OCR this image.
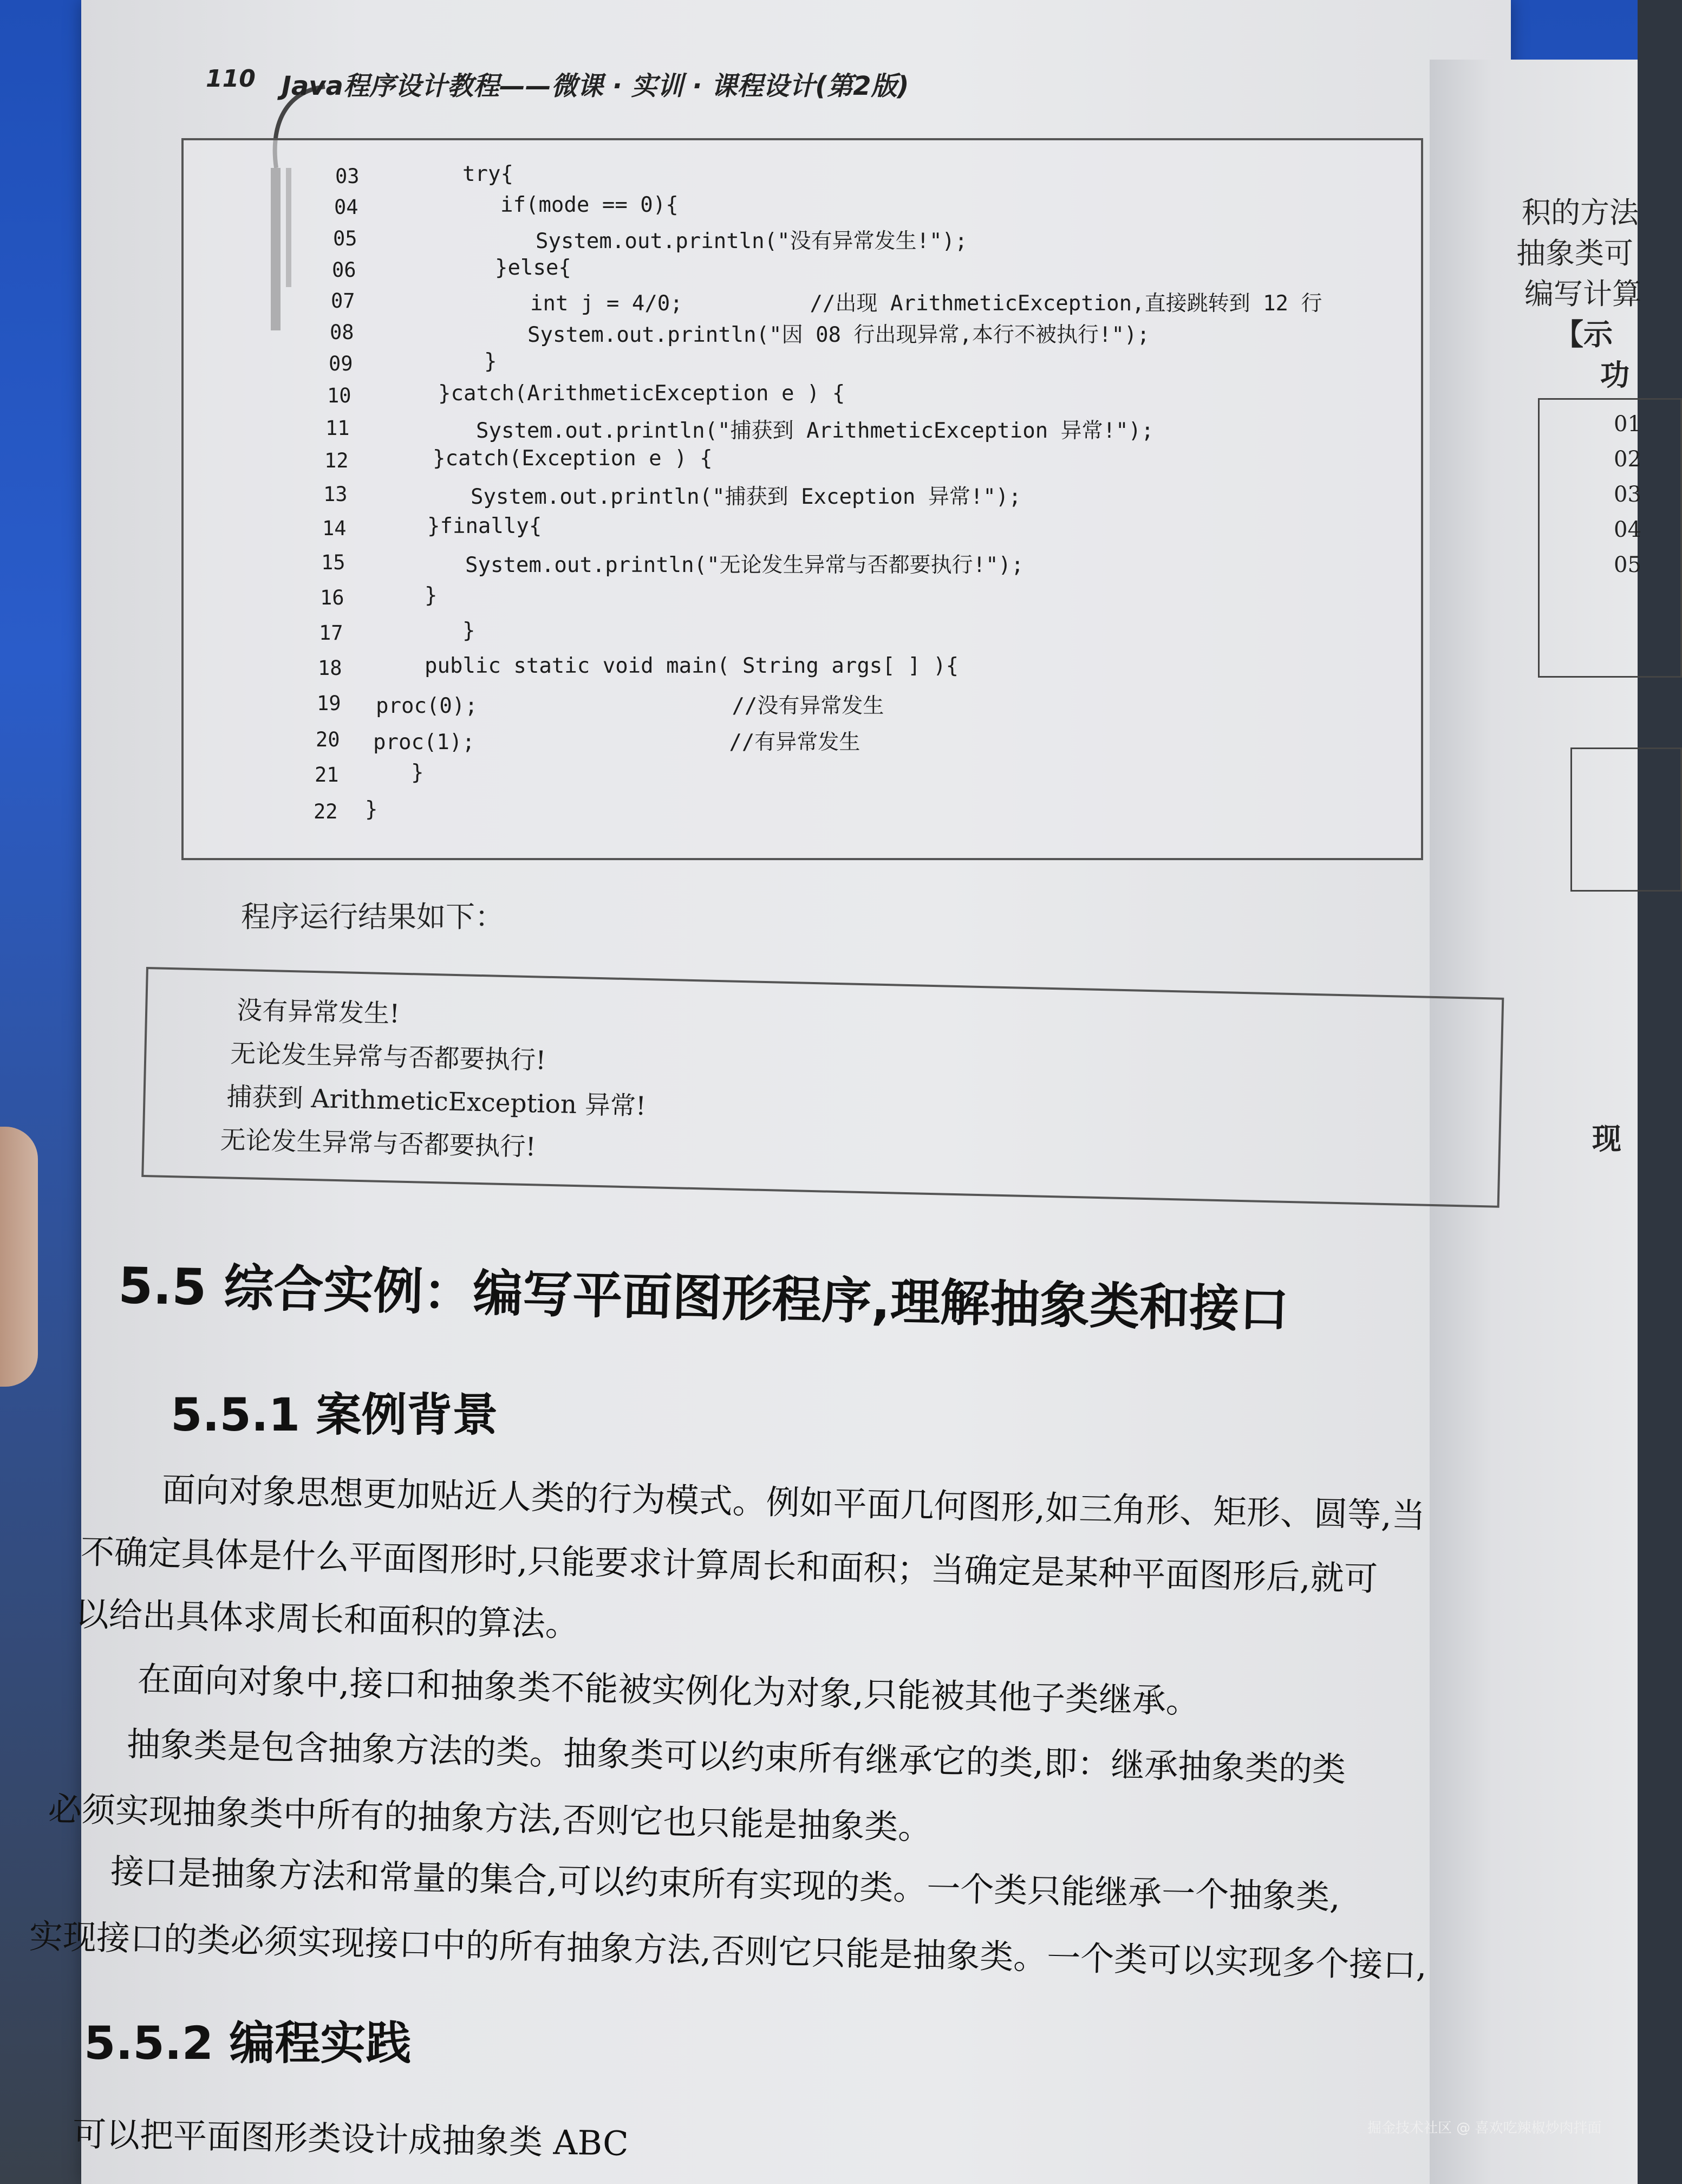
积的方法
抽象类可
编写计算
【示
功
01
02
03
04
05
现
110 Java程序设计教程——微课 · 实训 · 课程设计(第2版)
03	try{
04	if(mode == 0){
05	System.out.println("没有异常发生!");
06	}else{
07	int j = 4/0;          //出现 ArithmeticException,直接跳转到 12 行
08	System.out.println("因 08 行出现异常,本行不被执行!");
09	}
10	}catch(ArithmeticException e ) {
11	System.out.println("捕获到 ArithmeticException 异常!");
12	}catch(Exception e ) {
13	System.out.println("捕获到 Exception 异常!");
14	}finally{
15	System.out.println("无论发生异常与否都要执行!");
16	}
17	}
18	public static void main( String args[ ] ){
19 proc(0);                    //没有异常发生
20 proc(1);                    //有异常发生
21	}
22 }
程序运行结果如下：
没有异常发生!
无论发生异常与否都要执行!
捕获到 ArithmeticException 异常!
无论发生异常与否都要执行!
5.5 综合实例：编写平面图形程序,理解抽象类和接口
5.5.1 案例背景
面向对象思想更加贴近人类的行为模式。例如平面几何图形,如三角形、矩形、圆等,当
不确定具体是什么平面图形时,只能要求计算周长和面积；当确定是某种平面图形后,就可
以给出具体求周长和面积的算法。
在面向对象中,接口和抽象类不能被实例化为对象,只能被其他子类继承。
抽象类是包含抽象方法的类。抽象类可以约束所有继承它的类,即：继承抽象类的类
必须实现抽象类中所有的抽象方法,否则它也只能是抽象类。
接口是抽象方法和常量的集合,可以约束所有实现的类。一个类只能继承一个抽象类,
实现接口的类必须实现接口中的所有抽象方法,否则它只能是抽象类。一个类可以实现多个接口,
5.5.2 编程实践
可以把平面图形类设计成抽象类 ABC	掘金技术社区 @ 喜欢吃辣椒炒肉拌面
